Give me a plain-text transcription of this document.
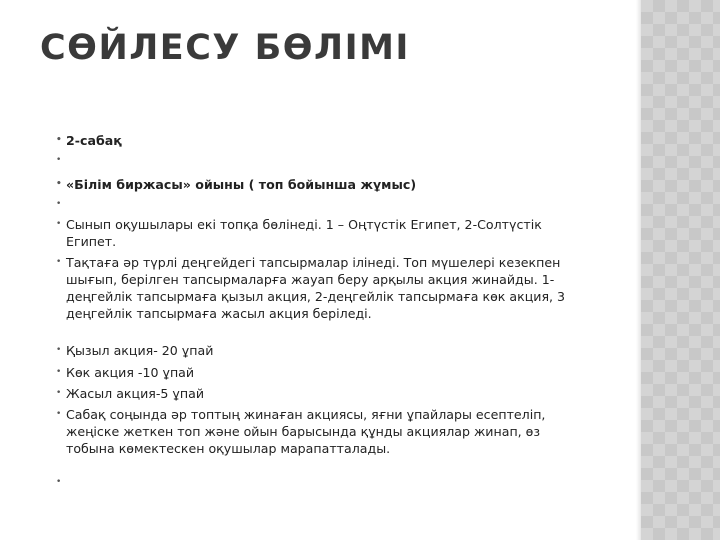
СӨЙЛЕСУ БӨЛІМІ
• 2-сабақ
•
• «Білім биржасы» ойыны ( топ бойынша жұмыс)
•
• Сынып оқушылары екі топқа бөлінеді. 1 – Оңтүстік Египет, 2-Солтүстік Египет.
• Тақтаға әр түрлі деңгейдегі тапсырмалар ілінеді. Топ мүшелері кезекпен шығып, берілген тапсырмаларға жауап беру арқылы акция жинайды. 1-деңгейлік тапсырмаға қызыл акция, 2-деңгейлік тапсырмаға көк акция, 3 деңгейлік тапсырмаға жасыл акция беріледі.
• Қызыл акция- 20 ұпай
• Көк акция -10 ұпай
• Жасыл акция-5 ұпай
• Сабақ соңында әр топтың жинаған акциясы, яғни ұпайлары есептеліп, жеңіске жеткен топ және ойын барысында құнды акциялар жинап, өз тобына көмектескен оқушылар марапатталады.
•
